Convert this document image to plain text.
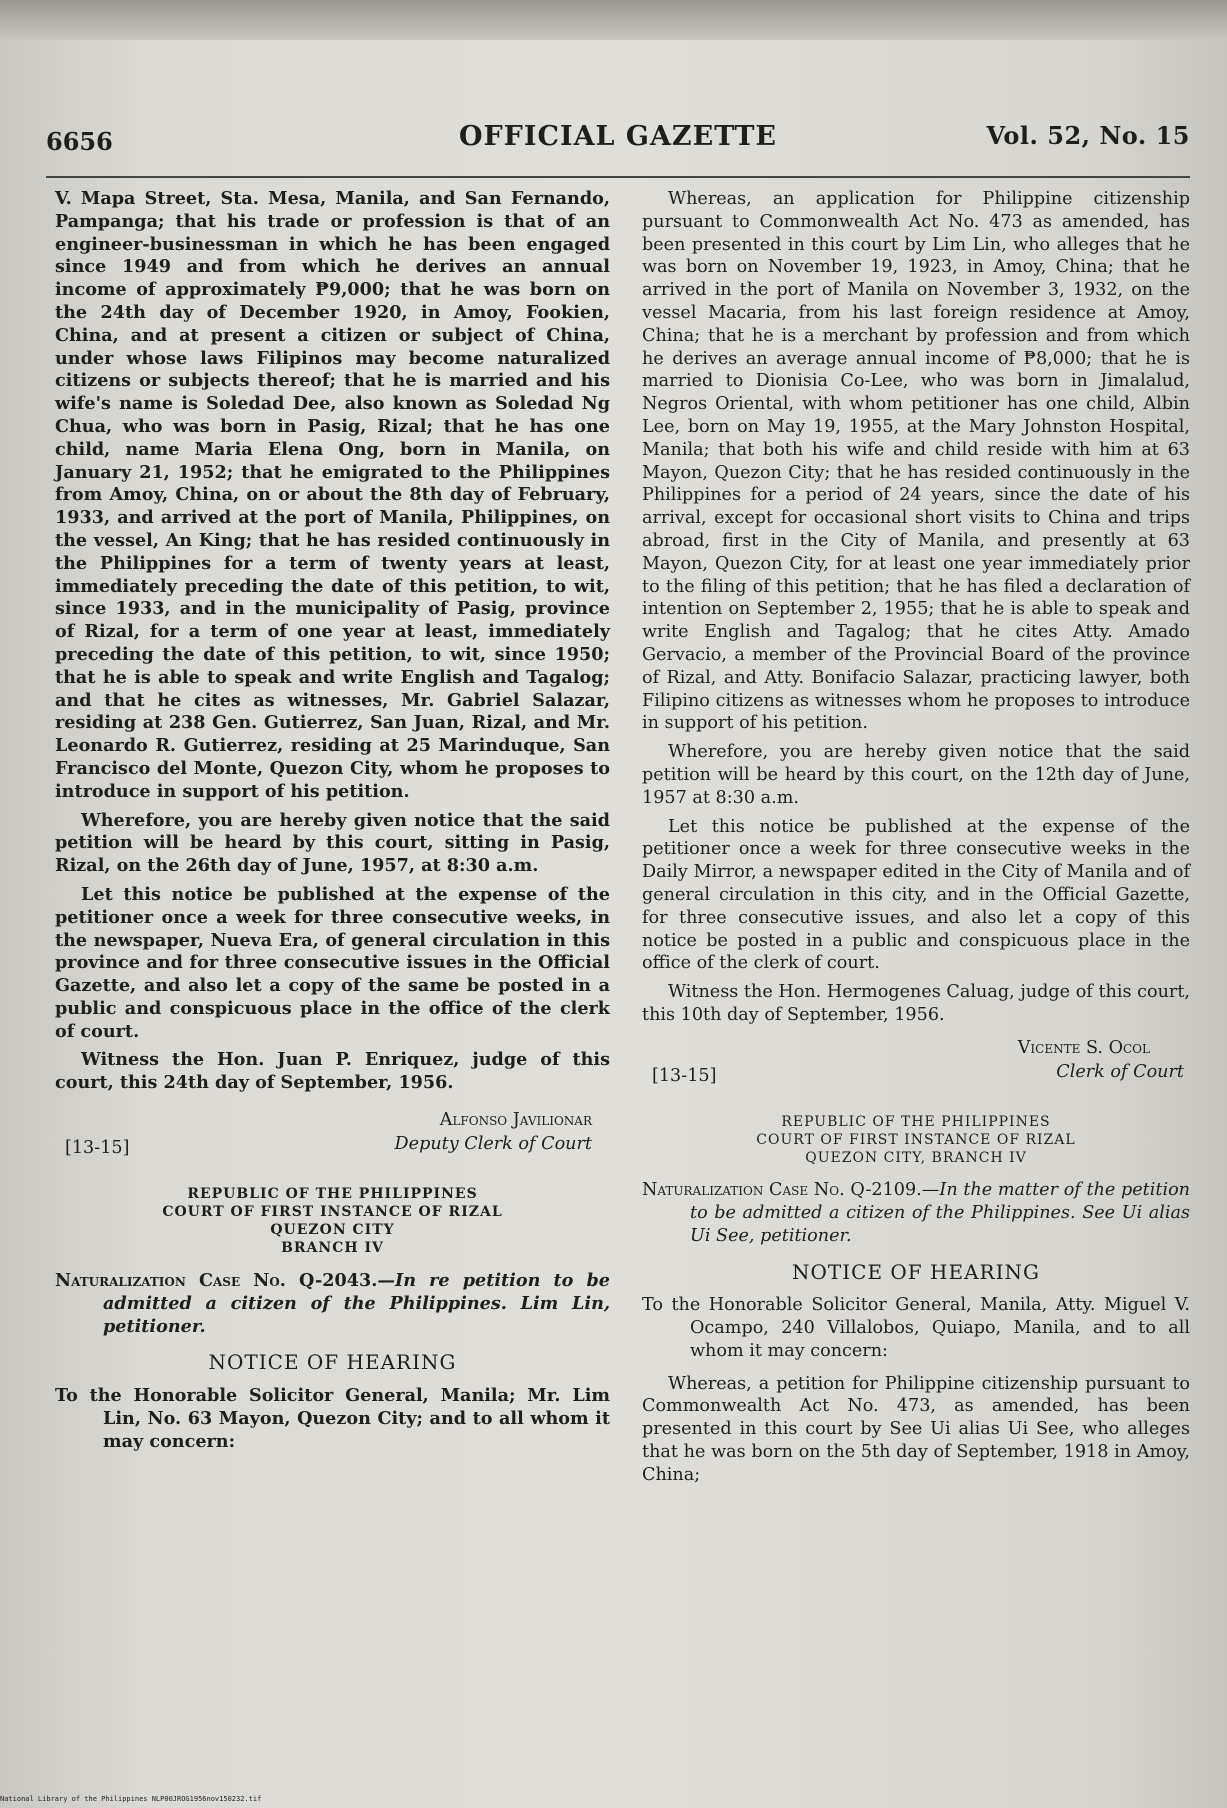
6656	OFFICIAL GAZETTE	Vol. 52, No. 15

V. Mapa Street, Sta. Mesa, Manila, and San Fernando, Pampanga; that his trade or profession is that of an engineer-businessman in which he has been engaged since 1949 and from which he derives an annual income of approximately ₱9,000; that he was born on the 24th day of December 1920, in Amoy, Fookien, China, and at present a citizen or subject of China, under whose laws Filipinos may become naturalized citizens or subjects thereof; that he is married and his wife's name is Soledad Dee, also known as Soledad Ng Chua, who was born in Pasig, Rizal; that he has one child, name Maria Elena Ong, born in Manila, on January 21, 1952; that he emigrated to the Philippines from Amoy, China, on or about the 8th day of February, 1933, and arrived at the port of Manila, Philippines, on the vessel, An King; that he has resided continuously in the Philippines for a term of twenty years at least, immediately preceding the date of this petition, to wit, since 1933, and in the municipality of Pasig, province of Rizal, for a term of one year at least, immediately preceding the date of this petition, to wit, since 1950; that he is able to speak and write English and Tagalog; and that he cites as witnesses, Mr. Gabriel Salazar, residing at 238 Gen. Gutierrez, San Juan, Rizal, and Mr. Leonardo R. Gutierrez, residing at 25 Marinduque, San Francisco del Monte, Quezon City, whom he proposes to introduce in support of his petition.

Wherefore, you are hereby given notice that the said petition will be heard by this court, sitting in Pasig, Rizal, on the 26th day of June, 1957, at 8:30 a.m.

Let this notice be published at the expense of the petitioner once a week for three consecutive weeks, in the newspaper, Nueva Era, of general circulation in this province and for three consecutive issues in the Official Gazette, and also let a copy of the same be posted in a public and conspicuous place in the office of the clerk of court.

Witness the Hon. Juan P. Enriquez, judge of this court, this 24th day of September, 1956.

Alfonso Javilionar
Deputy Clerk of Court
[13-15]
REPUBLIC OF THE PHILIPPINES
COURT OF FIRST INSTANCE OF RIZAL
QUEZON CITY
BRANCH IV
Naturalization Case No. Q-2043.—In re petition to be admitted a citizen of the Philippines. Lim Lin, petitioner.
NOTICE OF HEARING
To the Honorable Solicitor General, Manila; Mr. Lim Lin, No. 63 Mayon, Quezon City; and to all whom it may concern:

Whereas, an application for Philippine citizenship pursuant to Commonwealth Act No. 473 as amended, has been presented in this court by Lim Lin, who alleges that he was born on November 19, 1923, in Amoy, China; that he arrived in the port of Manila on November 3, 1932, on the vessel Macaria, from his last foreign residence at Amoy, China; that he is a merchant by profession and from which he derives an average annual income of ₱8,000; that he is married to Dionisia Co-Lee, who was born in Jimalalud, Negros Oriental, with whom petitioner has one child, Albin Lee, born on May 19, 1955, at the Mary Johnston Hospital, Manila; that both his wife and child reside with him at 63 Mayon, Quezon City; that he has resided continuously in the Philippines for a period of 24 years, since the date of his arrival, except for occasional short visits to China and trips abroad, first in the City of Manila, and presently at 63 Mayon, Quezon City, for at least one year immediately prior to the filing of this petition; that he has filed a declaration of intention on September 2, 1955; that he is able to speak and write English and Tagalog; that he cites Atty. Amado Gervacio, a member of the Provincial Board of the province of Rizal, and Atty. Bonifacio Salazar, practicing lawyer, both Filipino citizens as witnesses whom he proposes to introduce in support of his petition.

Wherefore, you are hereby given notice that the said petition will be heard by this court, on the 12th day of June, 1957 at 8:30 a.m.

Let this notice be published at the expense of the petitioner once a week for three consecutive weeks in the Daily Mirror, a newspaper edited in the City of Manila and of general circulation in this city, and in the Official Gazette, for three consecutive issues, and also let a copy of this notice be posted in a public and conspicuous place in the office of the clerk of court.

Witness the Hon. Hermogenes Caluag, judge of this court, this 10th day of September, 1956.

Vicente S. Ocol
Clerk of Court
[13-15]
REPUBLIC OF THE PHILIPPINES
COURT OF FIRST INSTANCE OF RIZAL
QUEZON CITY, BRANCH IV
Naturalization Case No. Q-2109.—In the matter of the petition to be admitted a citizen of the Philippines. See Ui alias Ui See, petitioner.
NOTICE OF HEARING
To the Honorable Solicitor General, Manila, Atty. Miguel V. Ocampo, 240 Villalobos, Quiapo, Manila, and to all whom it may concern:

Whereas, a petition for Philippine citizenship pursuant to Commonwealth Act No. 473, as amended, has been presented in this court by See Ui alias Ui See, who alleges that he was born on the 5th day of September, 1918 in Amoy, China;

National Library of the Philippines NLP00JROG1956nov150232.tif
